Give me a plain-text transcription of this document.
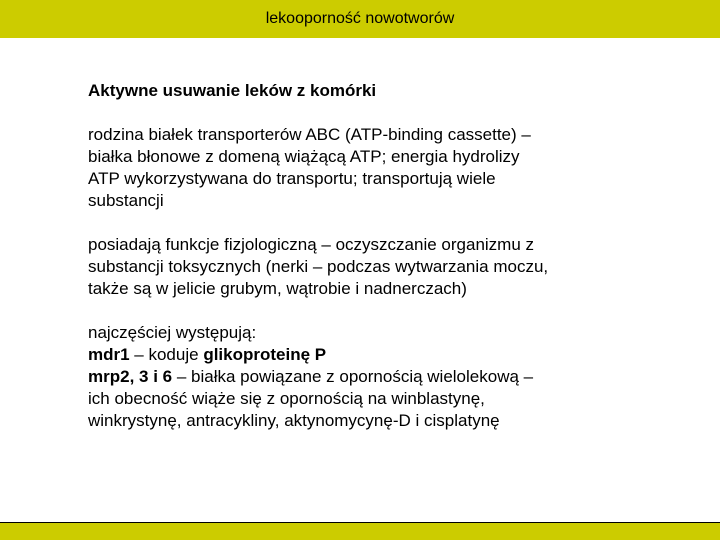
lekooporność nowotworów
Aktywne usuwanie leków z komórki
rodzina białek transporterów ABC (ATP-binding cassette) –
białka błonowe z domeną wiążącą ATP; energia hydrolizy
ATP wykorzystywana do transportu; transportują wiele
substancji
posiadają funkcje fizjologiczną – oczyszczanie organizmu z
substancji toksycznych (nerki – podczas wytwarzania moczu,
także są w jelicie grubym, wątrobie i nadnerczach)
najczęściej występują:
mdr1 – koduje glikoproteinę P
mrp2, 3 i 6 – białka powiązane z opornością wielolekową –
ich obecność wiąże się z opornością na winblastynę,
winkrystynę, antracykliny, aktynomycynę-D i cisplatynę
